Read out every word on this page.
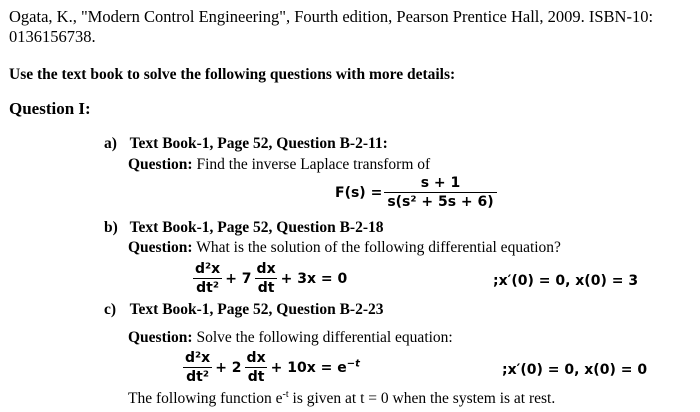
Ogata, K., "Modern Control Engineering", Fourth edition, Pearson Prentice Hall, 2009. ISBN-10: 0136156738.
Use the text book to solve the following questions with more details:
Question I:
a) Text Book-1, Page 52, Question B-2-11:
Question: Find the inverse Laplace transform of
$F(s) = \frac{s + 1}{\text{s(s² + 5s + 6)}}$
b) Text Book-1, Page 52, Question B-2-18
Question: What is the solution of the following differential equation?
$\frac{\text{d²x}}{\text{dt²}} + 7 \frac{dx}{dt} + 3x = 0$	;x′(0) = 0, x(0) = 3
c) Text Book-1, Page 52, Question B-2-23
Question: Solve the following differential equation:
$\frac{\text{d²x}}{\text{dt²}} + 2 \frac{dx}{dt} + 10x = e^{-t}$	;x′(0) = 0, x(0) = 0
The following function $e^{-t}$ is given at t = 0 when the system is at rest.
